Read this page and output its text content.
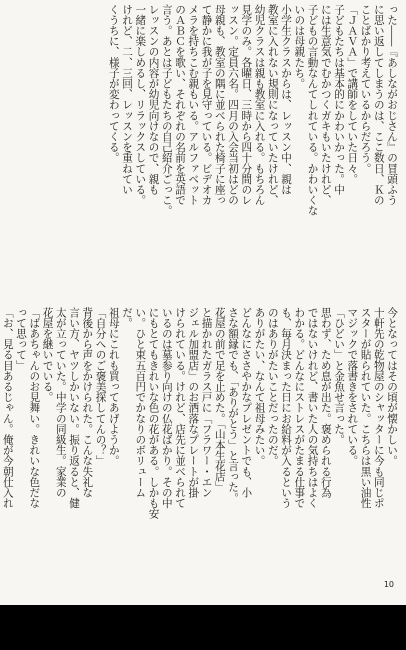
った――『あしながおじさん』の冒頭ふう
に思い返してしまうのは、ここ数日、Ｋの
ことばかり考えているからだろう。
「ＪＡＶＡ」で講師をしていた日々。
子どもたちは基本的にかわいかった。中
には生意気でむかつくガキもいたけれど、
子どもの言動なんてしれている。かわいくな
いのは母親たち。
小学生クラスからは、レッスン中、親は
教室に入れない規則になっていたけれど、
幼児クラスは親も教室に入れる。もちろん
見学のみ。各曜日、三時から四十分間のレ
ッスン。定員六名。四月の入会当初はどの
母親も、教室の隅に並べられた椅子に座っ
て静かに我が子を見守っている。ビデオカ
メラを持ちこむ親もいる。アルファベット
のＡＢＣを歌い、それぞれの名前を英語で
言う。あとは子どもたちの自己紹介ごっこ。
レッスンの内容が幼児向けなので、親も
一緒に楽しめるし、リラックスしている。
けれど、二、三回、レッスンを重ねてい
くうちに、様子が変わってくる。
今となってはその頃が懐かしい。
十軒先の乾物屋のシャッターに今も同じポ
スターが貼られていた。こちらは黒い油性
マジックで落書きをされている。
「ひどい」と金魚せ言った。
思わず、ため息が出た。褒められる行為
ではないけれど、書いた人の気持ちはよく
わかる。どんなにストレスがたまる仕事で
も、毎月決まった日にお給料が入るという
のはありがたいことだったのだ。
ありがたい、なんて祖母みたい。
どんなにささやかなプレゼントでも、小
さな額縁でも、「ありがとう」と言った。
花屋の前で足を止めた。「山本生花店」
と描かれたガラス戸に「フラワー・エン
ジェル加盟店」のお洒落なプレートが掛
けられている。けれど、店先に並べられて
いるのは墓参り向けの仏花ばかり。その中
にもとてもきれいな色の花がある。しかも安
い。ひと束五百円でかなりのボリューム
だ。
祖母にこれも買ってあげようか。
「自分へのご褒美探してんの？」
背後から声をかけられた。こんな失礼な
言い方、ヤツしかいない。振り返ると、健
太が立っていた。中学の同級生。家業の
花屋を継いでいる。
「ばあちゃんのお見舞い。きれいな色だな
って思って」
「お、見る目あるじゃん。俺が今朝仕入れ
10
